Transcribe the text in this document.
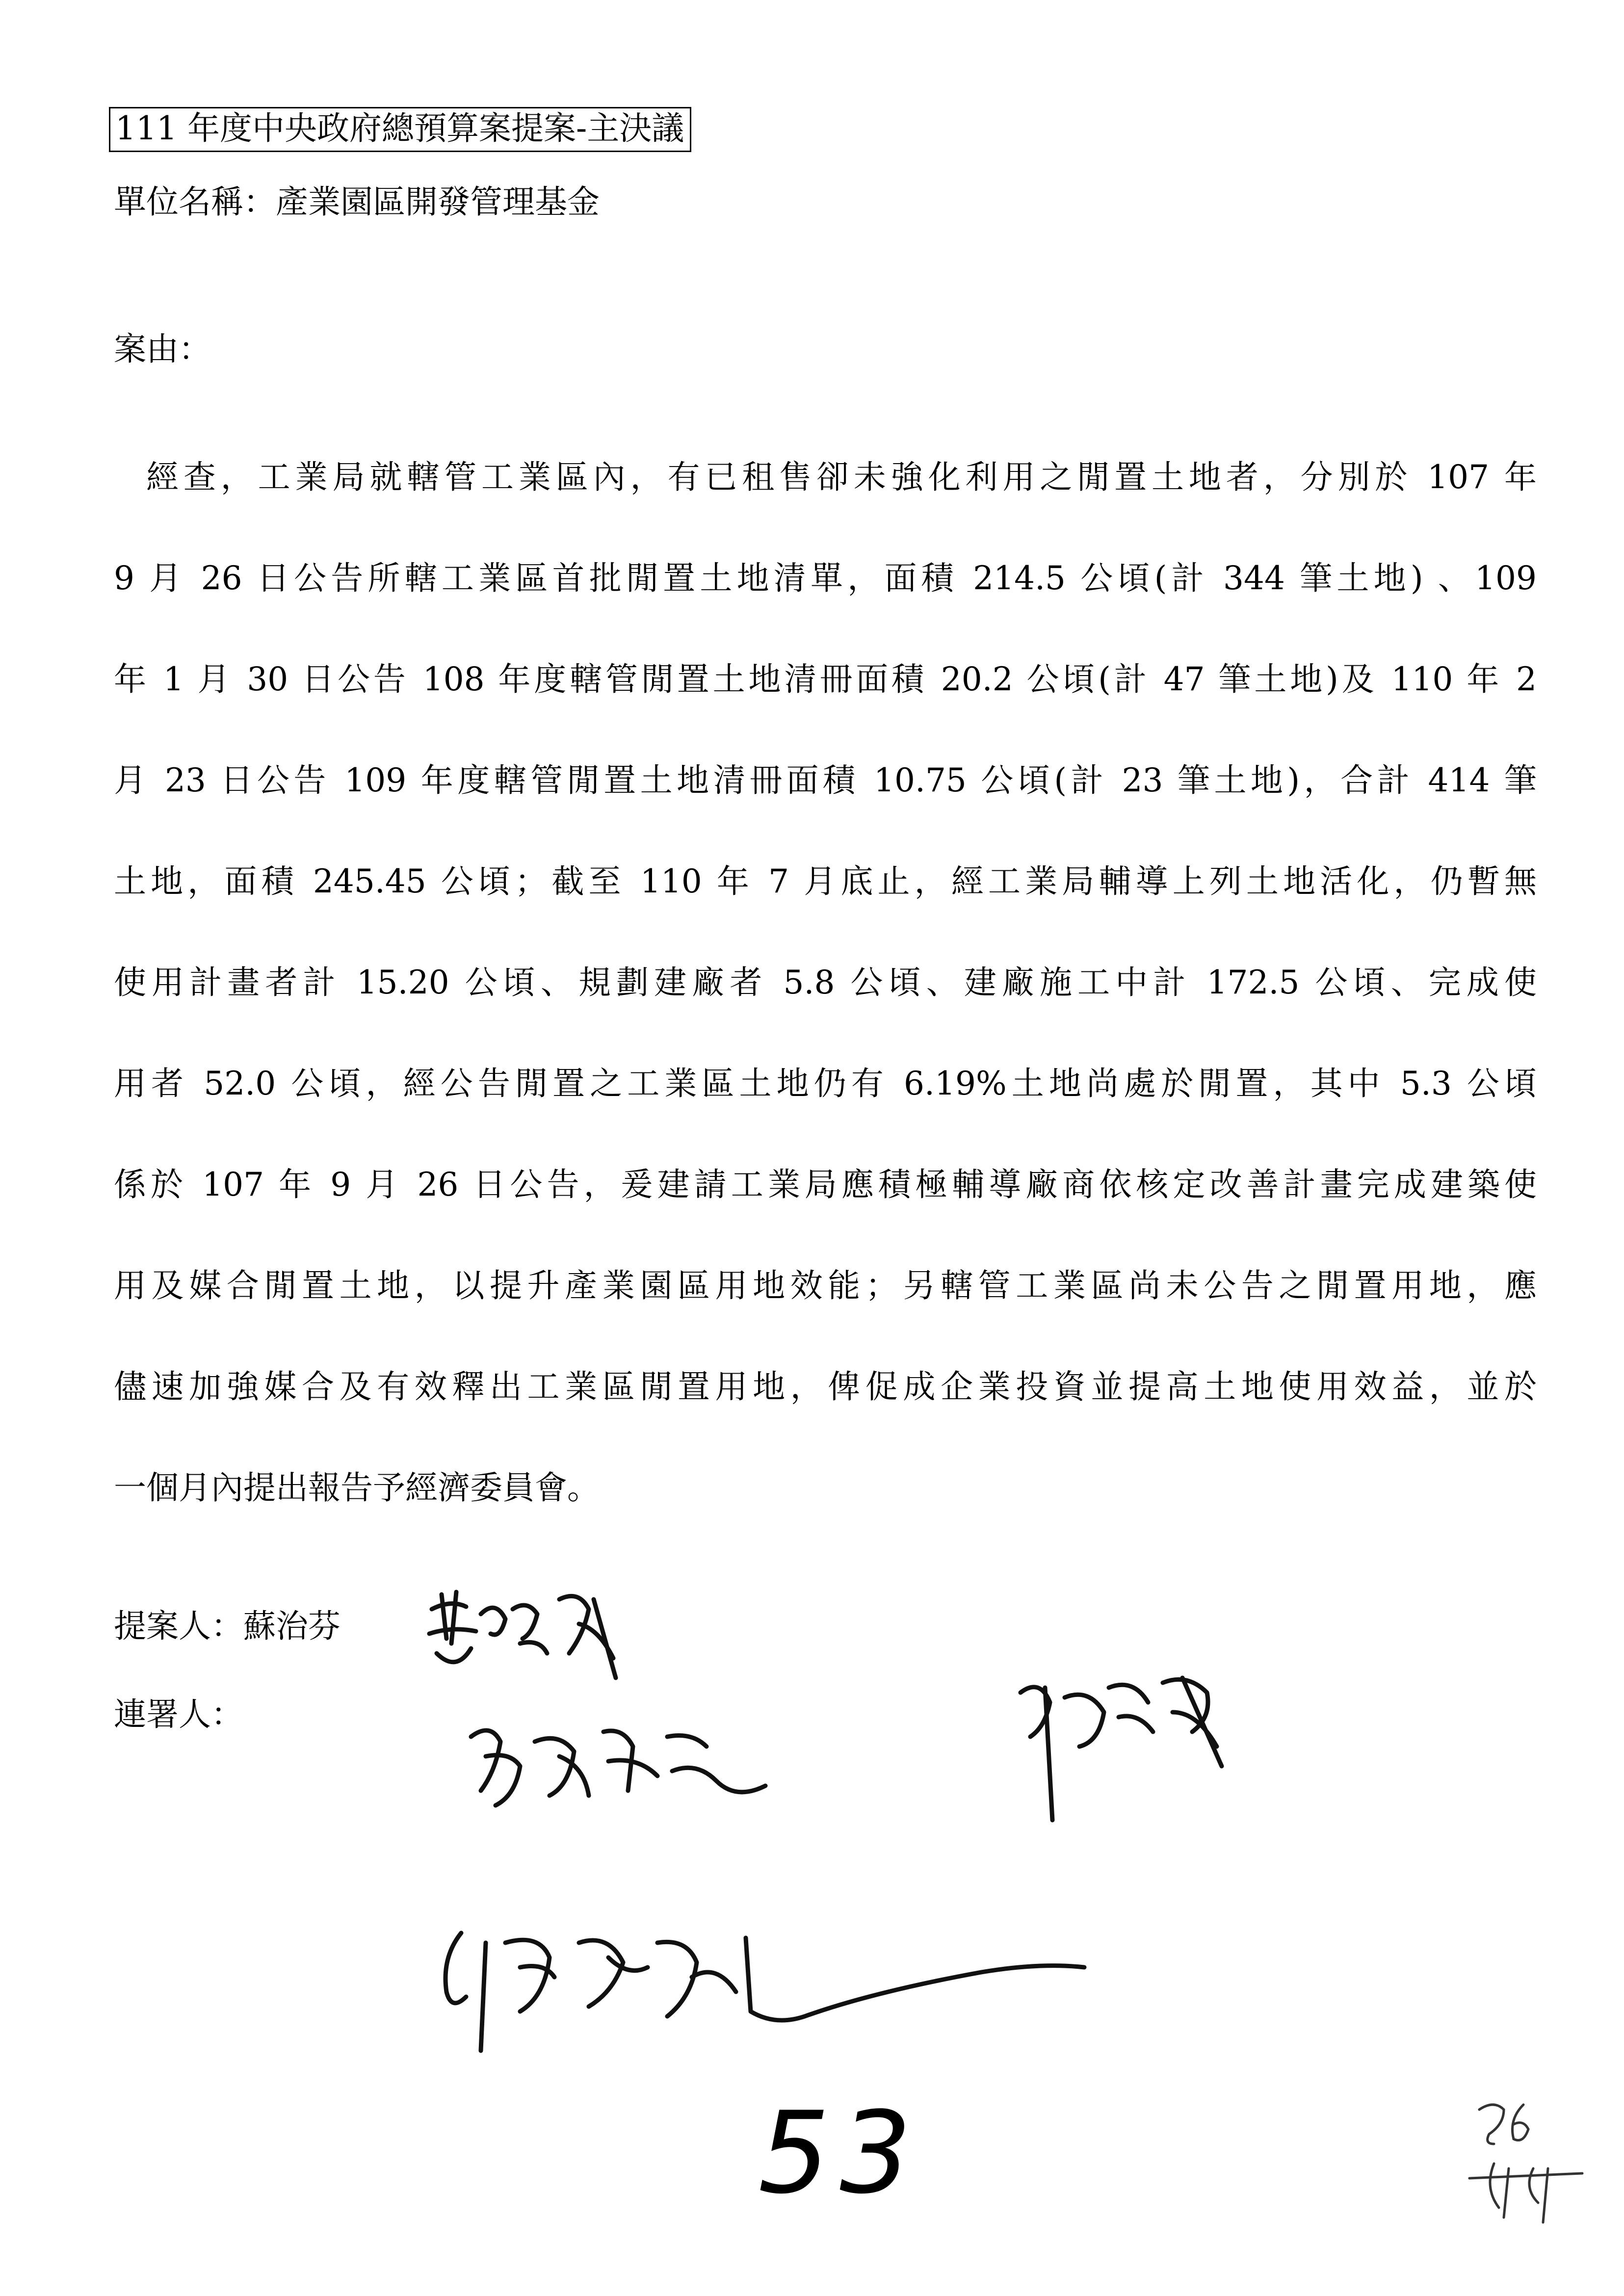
111 年度中央政府總預算案提案-主決議
單位名稱：產業園區開發管理基金
案由：
經查，工業局就轄管工業區內，有已租售卻未強化利用之閒置土地者，分別於 107 年
9 月 26 日公告所轄工業區首批閒置土地清單，面積 214.5 公頃(計 344 筆土地) 、109
年 1 月 30 日公告 108 年度轄管閒置土地清冊面積 20.2 公頃(計 47 筆土地)及 110 年 2
月 23 日公告 109 年度轄管閒置土地清冊面積 10.75 公頃(計 23 筆土地)，合計 414 筆
土地，面積 245.45 公頃；截至 110 年 7 月底止，經工業局輔導上列土地活化，仍暫無
使用計畫者計 15.20 公頃、規劃建廠者 5.8 公頃、建廠施工中計 172.5 公頃、完成使
用者 52.0 公頃，經公告閒置之工業區土地仍有 6.19%土地尚處於閒置，其中 5.3 公頃
係於 107 年 9 月 26 日公告，爰建請工業局應積極輔導廠商依核定改善計畫完成建築使
用及媒合閒置土地，以提升產業園區用地效能；另轄管工業區尚未公告之閒置用地，應
儘速加強媒合及有效釋出工業區閒置用地，俾促成企業投資並提高土地使用效益，並於
一個月內提出報告予經濟委員會。
提案人：蘇治芬
連署人：
53
